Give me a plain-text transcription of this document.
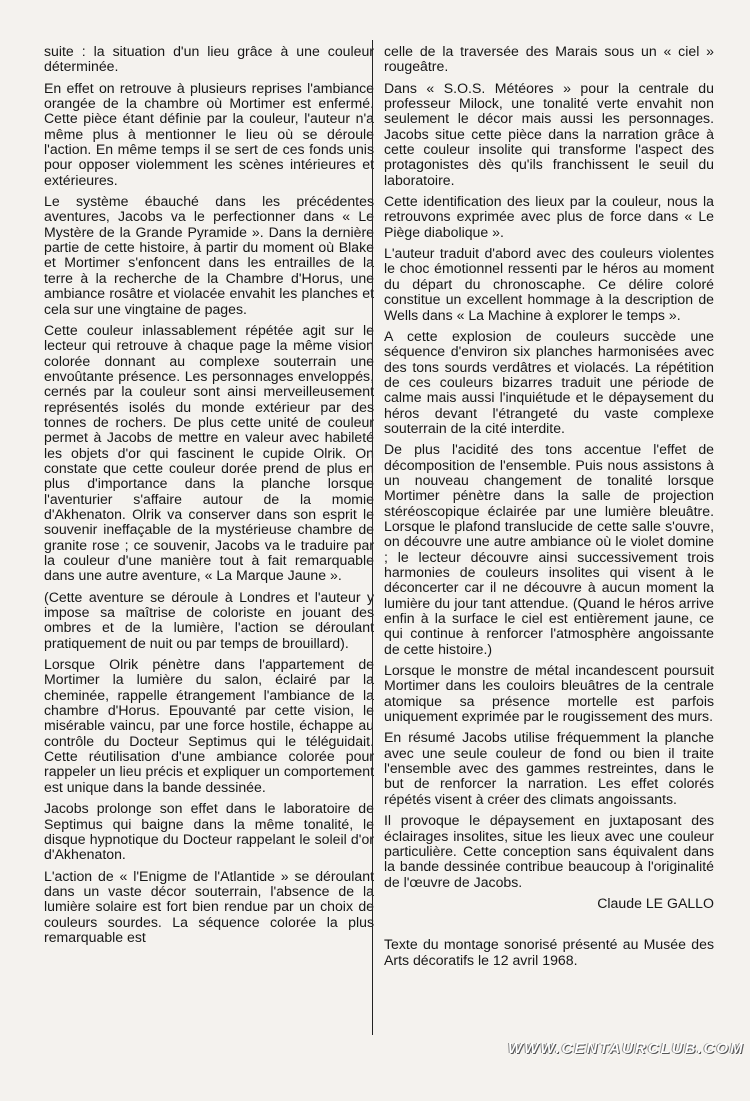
suite : la situation d'un lieu grâce à une couleur déterminée.

En effet on retrouve à plusieurs reprises l'ambiance orangée de la chambre où Mortimer est enfermé. Cette pièce étant définie par la couleur, l'auteur n'a même plus à mentionner le lieu où se déroule l'action. En même temps il se sert de ces fonds unis pour opposer violemment les scènes intérieures et extérieures.

Le système ébauché dans les précédentes aventures, Jacobs va le perfectionner dans « Le Mystère de la Grande Pyramide ». Dans la dernière partie de cette histoire, à partir du moment où Blake et Mortimer s'enfoncent dans les entrailles de la terre à la recherche de la Chambre d'Horus, une ambiance rosâtre et violacée envahit les planches et cela sur une vingtaine de pages.

Cette couleur inlassablement répétée agit sur le lecteur qui retrouve à chaque page la même vision colorée donnant au complexe souterrain une envoûtante présence. Les personnages enveloppés, cernés par la couleur sont ainsi merveilleusement représentés isolés du monde extérieur par des tonnes de rochers. De plus cette unité de couleur permet à Jacobs de mettre en valeur avec habileté les objets d'or qui fascinent le cupide Olrik. On constate que cette couleur dorée prend de plus en plus d'importance dans la planche lorsque l'aventurier s'affaire autour de la momie d'Akhenaton. Olrik va conserver dans son esprit le souvenir ineffaçable de la mystérieuse chambre de granite rose ; ce souvenir, Jacobs va le traduire par la couleur d'une manière tout à fait remarquable dans une autre aventure, « La Marque Jaune ».

(Cette aventure se déroule à Londres et l'auteur y impose sa maîtrise de coloriste en jouant des ombres et de la lumière, l'action se déroulant pratiquement de nuit ou par temps de brouillard).

Lorsque Olrik pénètre dans l'appartement de Mortimer la lumière du salon, éclairé par la cheminée, rappelle étrangement l'ambiance de la chambre d'Horus. Epouvanté par cette vision, le misérable vaincu, par une force hostile, échappe au contrôle du Docteur Septimus qui le téléguidait. Cette réutilisation d'une ambiance colorée pour rappeler un lieu précis et expliquer un comportement est unique dans la bande dessinée.

Jacobs prolonge son effet dans le laboratoire de Septimus qui baigne dans la même tonalité, le disque hypnotique du Docteur rappelant le soleil d'or d'Akhenaton.

L'action de « l'Enigme de l'Atlantide » se déroulant dans un vaste décor souterrain, l'absence de la lumière solaire est fort bien rendue par un choix de couleurs sourdes. La séquence colorée la plus remarquable est

celle de la traversée des Marais sous un « ciel » rougeâtre.

Dans « S.O.S. Météores » pour la centrale du professeur Milock, une tonalité verte envahit non seulement le décor mais aussi les personnages. Jacobs situe cette pièce dans la narration grâce à cette couleur insolite qui transforme l'aspect des protagonistes dès qu'ils franchissent le seuil du laboratoire.

Cette identification des lieux par la couleur, nous la retrouvons exprimée avec plus de force dans « Le Piège diabolique ».

L'auteur traduit d'abord avec des couleurs violentes le choc émotionnel ressenti par le héros au moment du départ du chronoscaphe. Ce délire coloré constitue un excellent hommage à la description de Wells dans « La Machine à explorer le temps ».

A cette explosion de couleurs succède une séquence d'environ six planches harmonisées avec des tons sourds verdâtres et violacés. La répétition de ces couleurs bizarres traduit une période de calme mais aussi l'inquiétude et le dépaysement du héros devant l'étrangeté du vaste complexe souterrain de la cité interdite.

De plus l'acidité des tons accentue l'effet de décomposition de l'ensemble. Puis nous assistons à un nouveau changement de tonalité lorsque Mortimer pénètre dans la salle de projection stéréoscopique éclairée par une lumière bleuâtre. Lorsque le plafond translucide de cette salle s'ouvre, on découvre une autre ambiance où le violet domine ; le lecteur découvre ainsi successivement trois harmonies de couleurs insolites qui visent à le déconcerter car il ne découvre à aucun moment la lumière du jour tant attendue. (Quand le héros arrive enfin à la surface le ciel est entièrement jaune, ce qui continue à renforcer l'atmosphère angoissante de cette histoire.)

Lorsque le monstre de métal incandescent poursuit Mortimer dans les couloirs bleuâtres de la centrale atomique sa présence mortelle est parfois uniquement exprimée par le rougissement des murs.

En résumé Jacobs utilise fréquemment la planche avec une seule couleur de fond ou bien il traite l'ensemble avec des gammes restreintes, dans le but de renforcer la narration. Les effet colorés répétés visent à créer des climats angoissants.

Il provoque le dépaysement en juxtaposant des éclairages insolites, situe les lieux avec une couleur particulière. Cette conception sans équivalent dans la bande dessinée contribue beaucoup à l'originalité de l'œuvre de Jacobs.

Claude LE GALLO

Texte du montage sonorisé présenté au Musée des Arts décoratifs le 12 avril 1968.

WWW.CENTAURCLUB.COM
